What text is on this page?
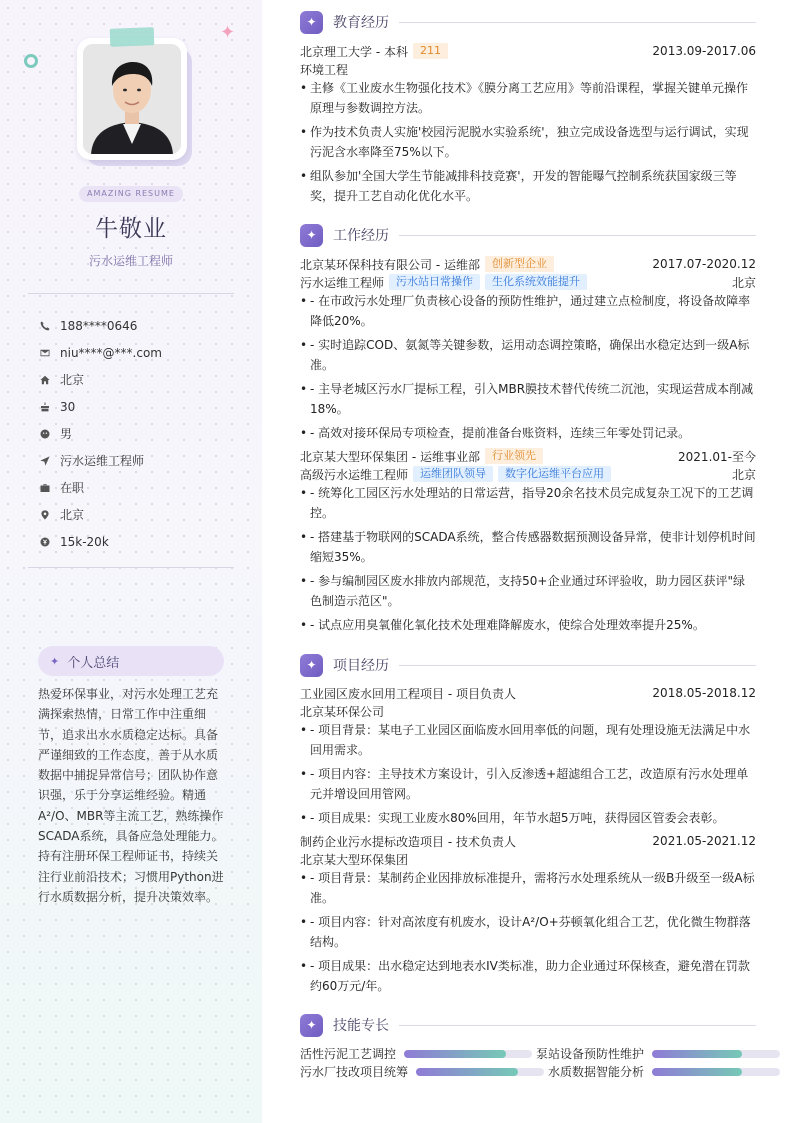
✦
AMAZING RESUME
牛敬业
污水运维工程师
188****0646
niu****@***.com
北京
30
男
污水运维工程师
在职
北京
15k-20k
✦ 个人总结
热爱环保事业，对污水处理工艺充满探索热情，日常工作中注重细节，追求出水水质稳定达标。具备严谨细致的工作态度，善于从水质数据中捕捉异常信号；团队协作意识强，乐于分享运维经验。精通A²/O、MBR等主流工艺，熟练操作SCADA系统，具备应急处理能力。持有注册环保工程师证书，持续关注行业前沿技术；习惯用Python进行水质数据分析，提升决策效率。
✦	教育经历
北京理工大学 - 本科	211	2013.09-2017.06
环境工程
• 主修《工业废水生物强化技术》《膜分离工艺应用》等前沿课程，掌握关键单元操作原理与参数调控方法。
• 作为技术负责人实施'校园污泥脱水实验系统'，独立完成设备选型与运行调试，实现污泥含水率降至75%以下。
• 组队参加'全国大学生节能减排科技竞赛'，开发的智能曝气控制系统获国家级三等奖，提升工艺自动化优化水平。
✦	工作经历
北京某环保科技有限公司 - 运维部	创新型企业	2017.07-2020.12
污水运维工程师	污水站日常操作	生化系统效能提升	北京
• - 在市政污水处理厂负责核心设备的预防性维护，通过建立点检制度，将设备故障率降低20%。
• - 实时追踪COD、氨氮等关键参数，运用动态调控策略，确保出水稳定达到一级A标准。
• - 主导老城区污水厂提标工程，引入MBR膜技术替代传统二沉池，实现运营成本削减18%。
• - 高效对接环保局专项检查，提前准备台账资料，连续三年零处罚记录。
北京某大型环保集团 - 运维事业部	行业领先	2021.01-至今
高级污水运维工程师	运维团队领导	数字化运维平台应用	北京
• - 统筹化工园区污水处理站的日常运营，指导20余名技术员完成复杂工况下的工艺调控。
• - 搭建基于物联网的SCADA系统，整合传感器数据预测设备异常，使非计划停机时间缩短35%。
• - 参与编制园区废水排放内部规范，支持50+企业通过环评验收，助力园区获评"绿色制造示范区"。
• - 试点应用臭氧催化氧化技术处理难降解废水，使综合处理效率提升25%。
✦	项目经历
工业园区废水回用工程项目 - 项目负责人	2018.05-2018.12
北京某环保公司
• - 项目背景：某电子工业园区面临废水回用率低的问题，现有处理设施无法满足中水回用需求。
• - 项目内容：主导技术方案设计，引入反渗透+超滤组合工艺，改造原有污水处理单元并增设回用管网。
• - 项目成果：实现工业废水80%回用，年节水超5万吨，获得园区管委会表彰。
制药企业污水提标改造项目 - 技术负责人	2021.05-2021.12
北京某大型环保集团
• - 项目背景：某制药企业因排放标准提升，需将污水处理系统从一级B升级至一级A标准。
• - 项目内容：针对高浓度有机废水，设计A²/O+芬顿氧化组合工艺，优化微生物群落结构。
• - 项目成果：出水稳定达到地表水IV类标准，助力企业通过环保核查，避免潜在罚款约60万元/年。
✦	技能专长
活性污泥工艺调控	泵站设备预防性维护
污水厂技改项目统筹	水质数据智能分析
